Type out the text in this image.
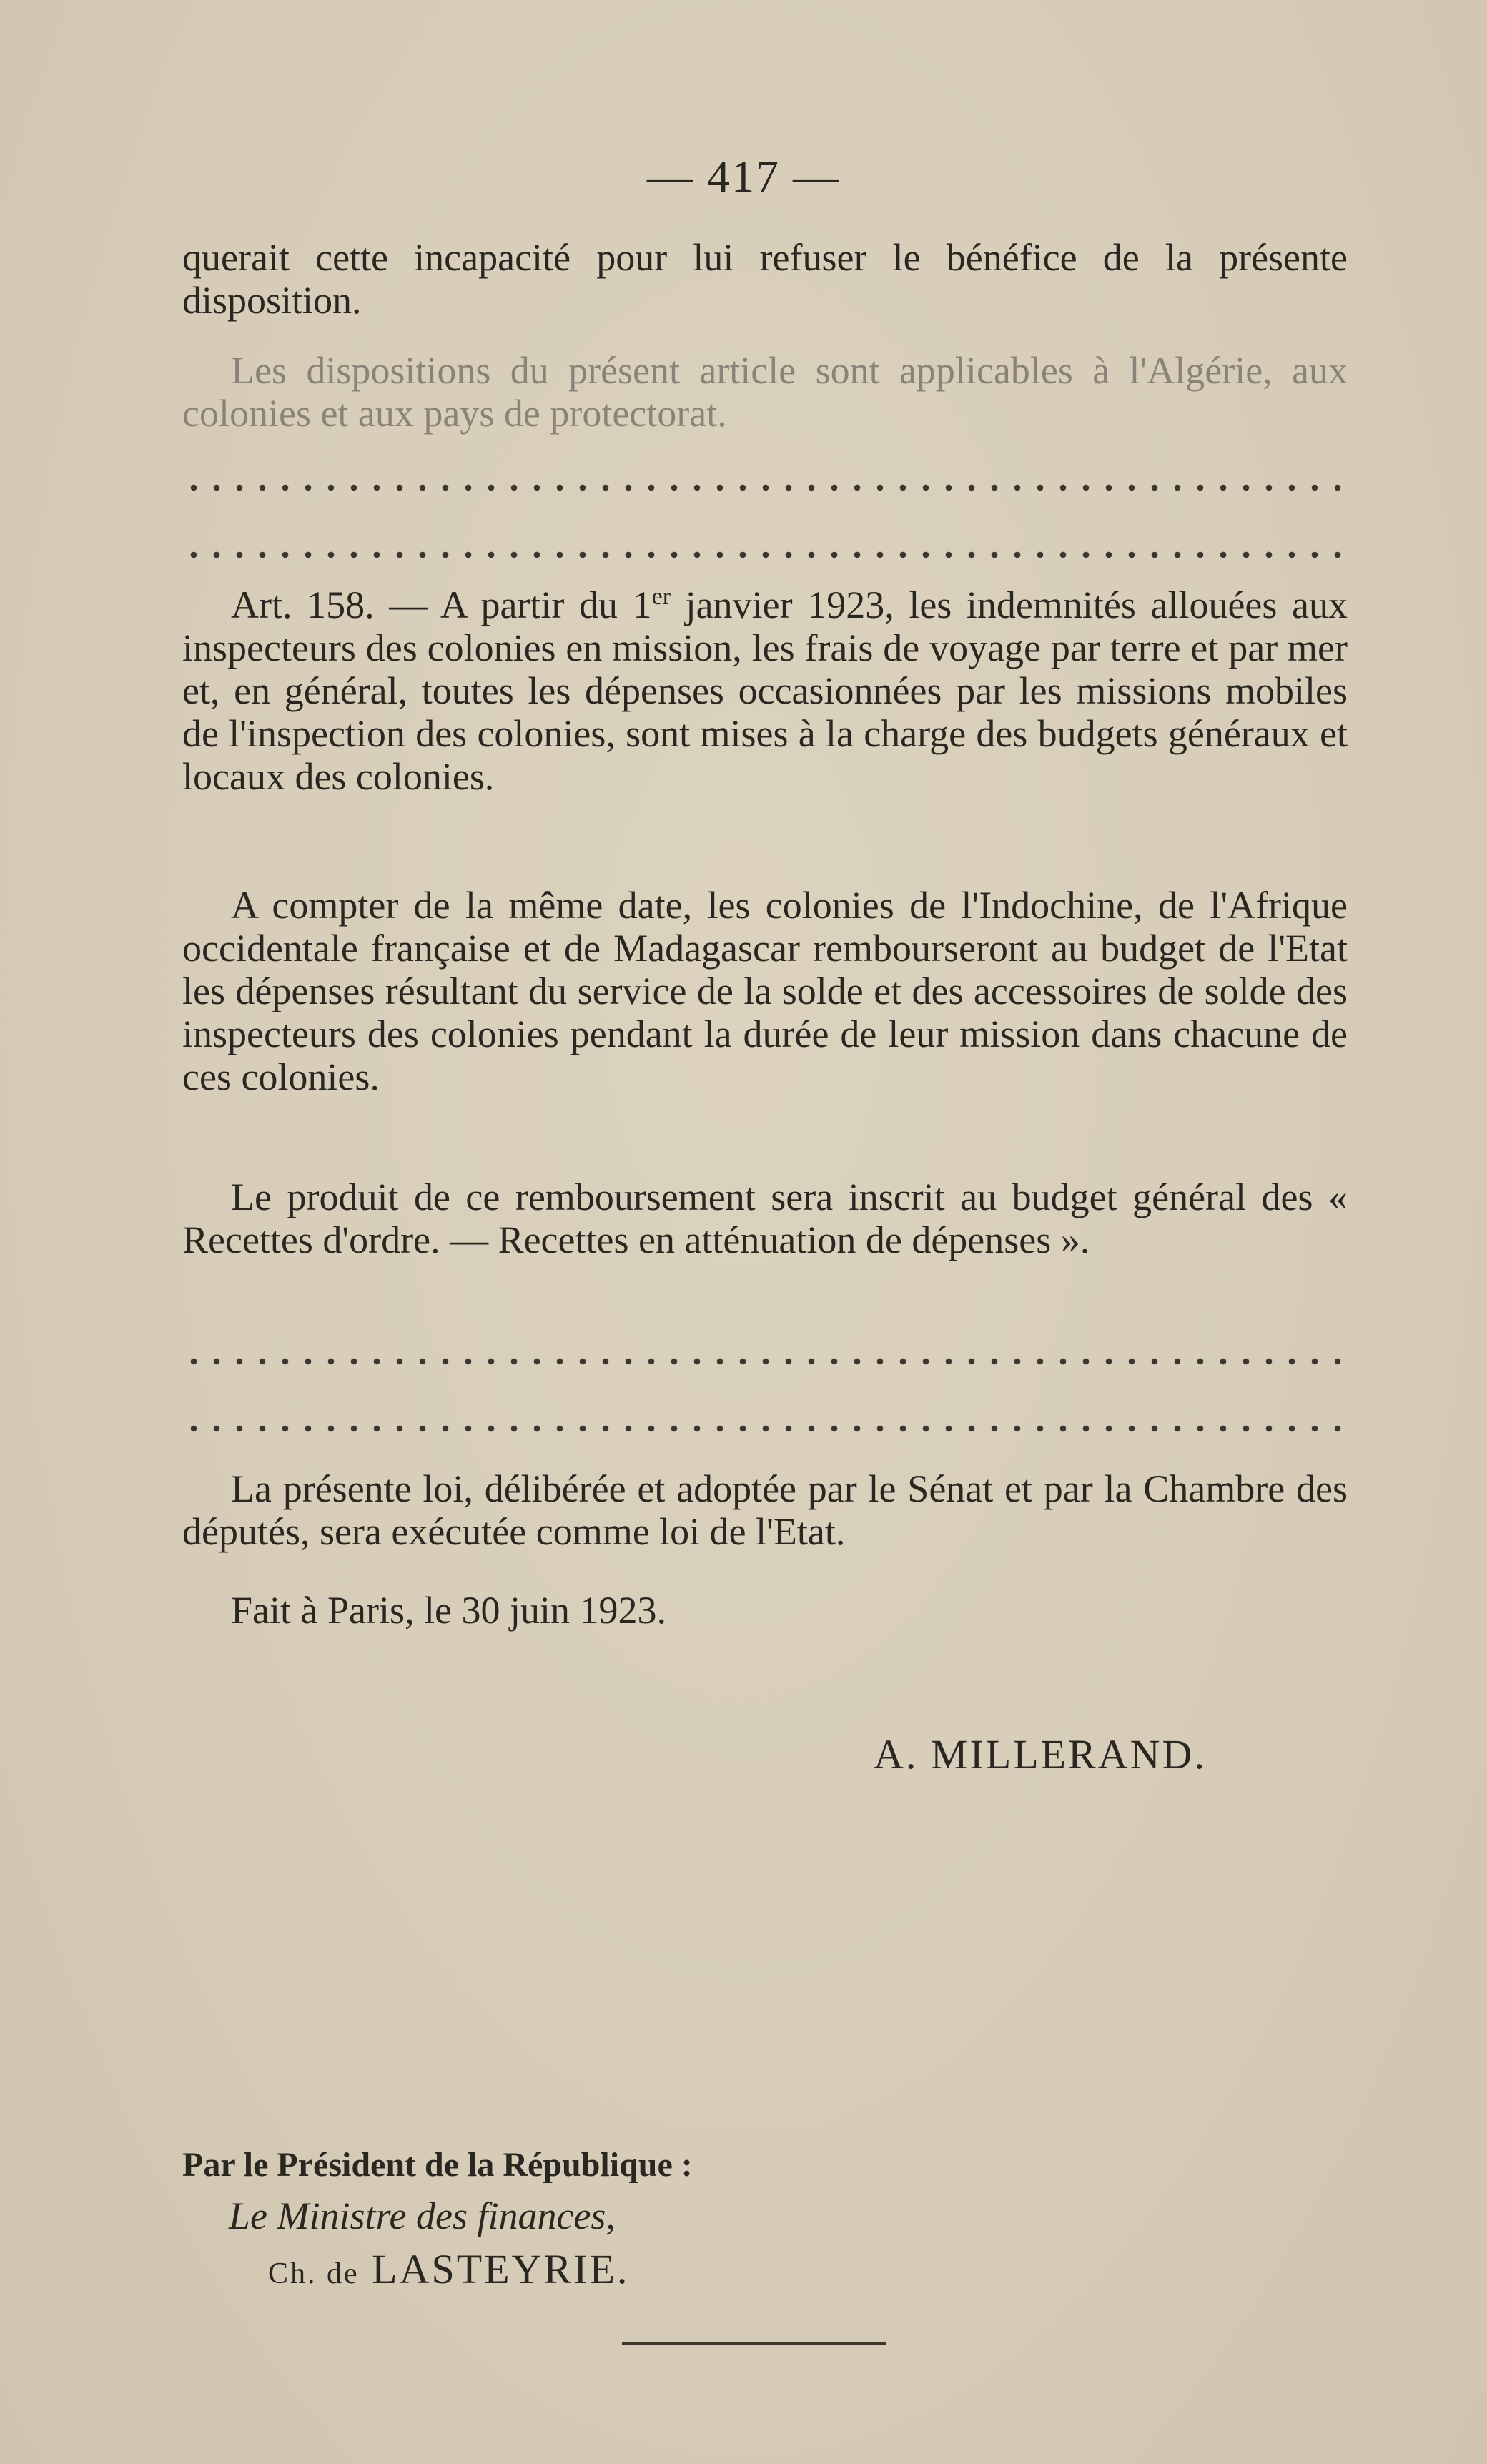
— 417 —

querait cette incapacité pour lui refuser le bénéfice de la présente disposition.

Les dispositions du présent article sont applicables à l'Algérie, aux colonies et aux pays de protectorat.

Art. 158. — A partir du 1er janvier 1923, les indemnités allouées aux inspecteurs des colonies en mission, les frais de voyage par terre et par mer et, en général, toutes les dépenses occasionnées par les missions mobiles de l'inspection des colonies, sont mises à la charge des budgets généraux et locaux des colonies.

A compter de la même date, les colonies de l'Indochine, de l'Afrique occidentale française et de Madagascar rembourseront au budget de l'Etat les dépenses résultant du service de la solde et des accessoires de solde des inspecteurs des colonies pendant la durée de leur mission dans chacune de ces colonies.

Le produit de ce remboursement sera inscrit au budget général des « Recettes d'ordre. — Recettes en atténuation de dépenses ».

La présente loi, délibérée et adoptée par le Sénat et par la Chambre des députés, sera exécutée comme loi de l'Etat.

Fait à Paris, le 30 juin 1923.

A. MILLERAND.
Par le Président de la République :
Le Ministre des finances,
Ch. de LASTEYRIE.
